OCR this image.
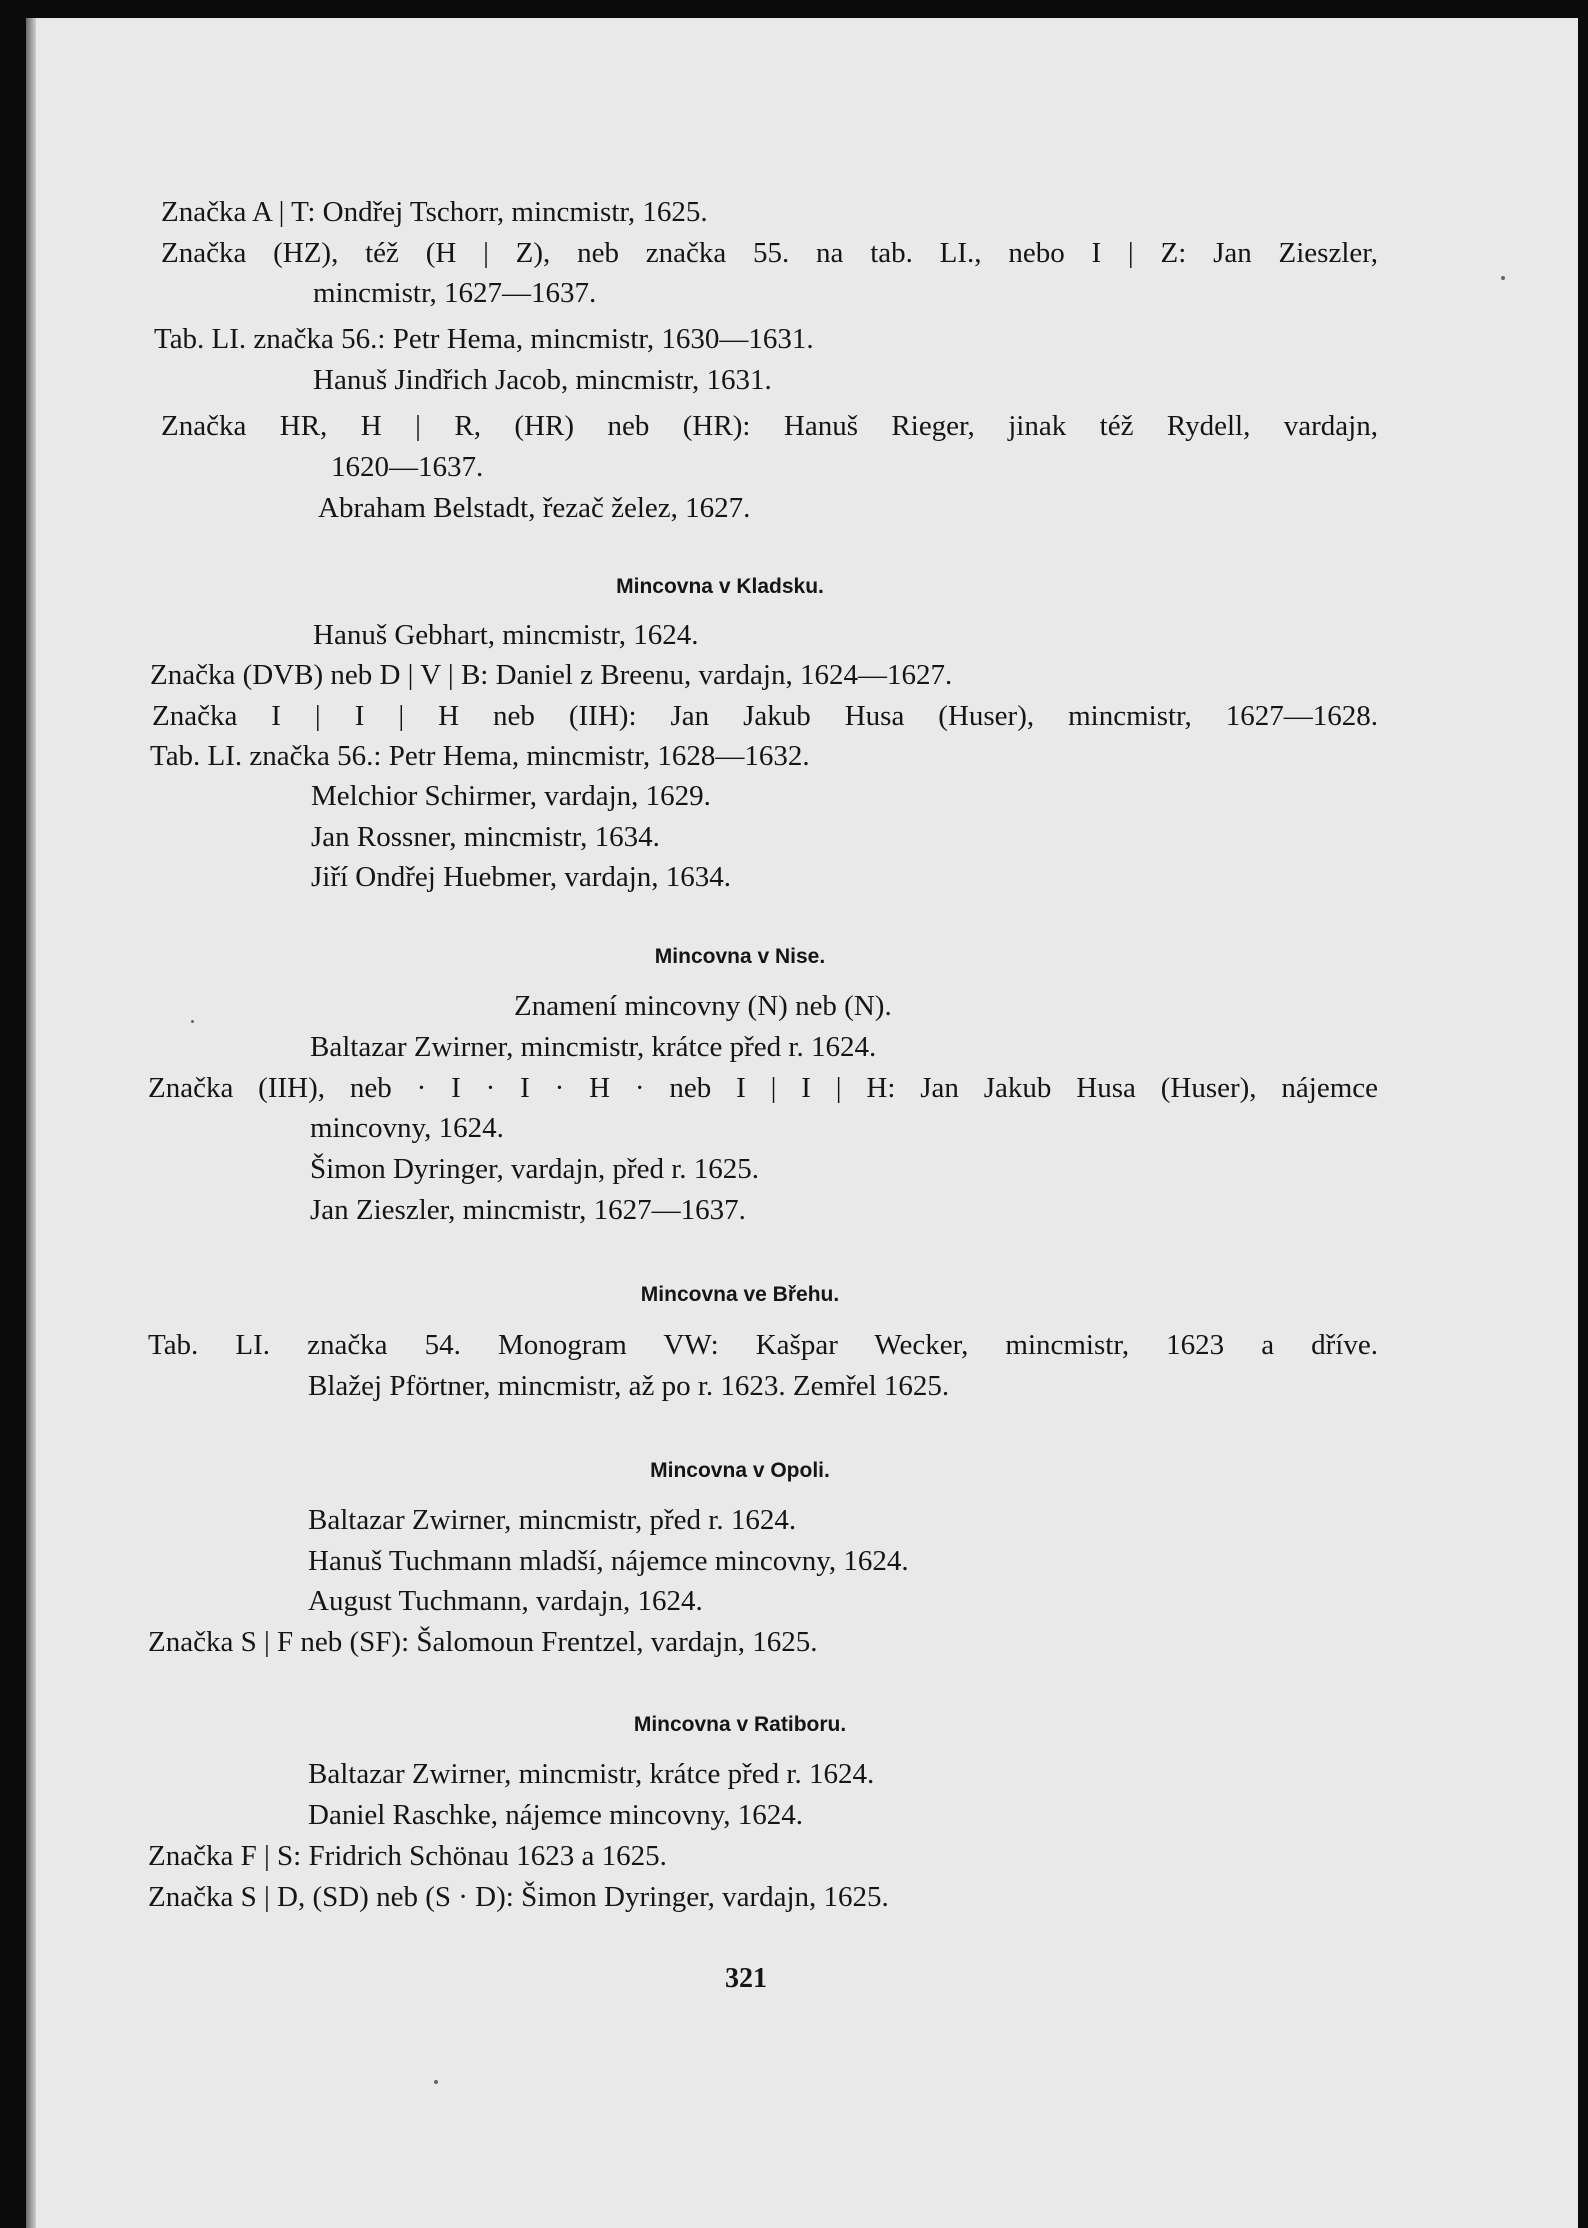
Značka A | T: Ondřej Tschorr, mincmistr, 1625.

Značka (HZ), též (H | Z), neb značka 55. na tab. LI., nebo I | Z: Jan Zieszler,

mincmistr, 1627—1637.

Tab. LI. značka 56.: Petr Hema, mincmistr, 1630—1631.

Hanuš Jindřich Jacob, mincmistr, 1631.

Značka HR, H | R, (HR) neb (HR): Hanuš Rieger, jinak též Rydell, vardajn,

1620—1637.

Abraham Belstadt, řezač želez, 1627.

Mincovna v Kladsku.

Hanuš Gebhart, mincmistr, 1624.

Značka (DVB) neb D | V | B: Daniel z Breenu, vardajn, 1624—1627.

Značka I | I | H neb (IIH): Jan Jakub Husa (Huser), mincmistr, 1627—1628.

Tab. LI. značka 56.: Petr Hema, mincmistr, 1628—1632.

Melchior Schirmer, vardajn, 1629.

Jan Rossner, mincmistr, 1634.

Jiří Ondřej Huebmer, vardajn, 1634.

Mincovna v Nise.

Znamení mincovny (N) neb (N).

Baltazar Zwirner, mincmistr, krátce před r. 1624.

Značka (IIH), neb · I · I · H · neb I | I | H: Jan Jakub Husa (Huser), nájemce

mincovny, 1624.

Šimon Dyringer, vardajn, před r. 1625.

Jan Zieszler, mincmistr, 1627—1637.

Mincovna ve Břehu.

Tab. LI. značka 54. Monogram VW: Kašpar Wecker, mincmistr, 1623 a dříve.

Blažej Pförtner, mincmistr, až po r. 1623. Zemřel 1625.

Mincovna v Opoli.

Baltazar Zwirner, mincmistr, před r. 1624.

Hanuš Tuchmann mladší, nájemce mincovny, 1624.

August Tuchmann, vardajn, 1624.

Značka S | F neb (SF): Šalomoun Frentzel, vardajn, 1625.

Mincovna v Ratiboru.

Baltazar Zwirner, mincmistr, krátce před r. 1624.

Daniel Raschke, nájemce mincovny, 1624.

Značka F | S: Fridrich Schönau 1623 a 1625.

Značka S | D, (SD) neb (S · D): Šimon Dyringer, vardajn, 1625.

321
